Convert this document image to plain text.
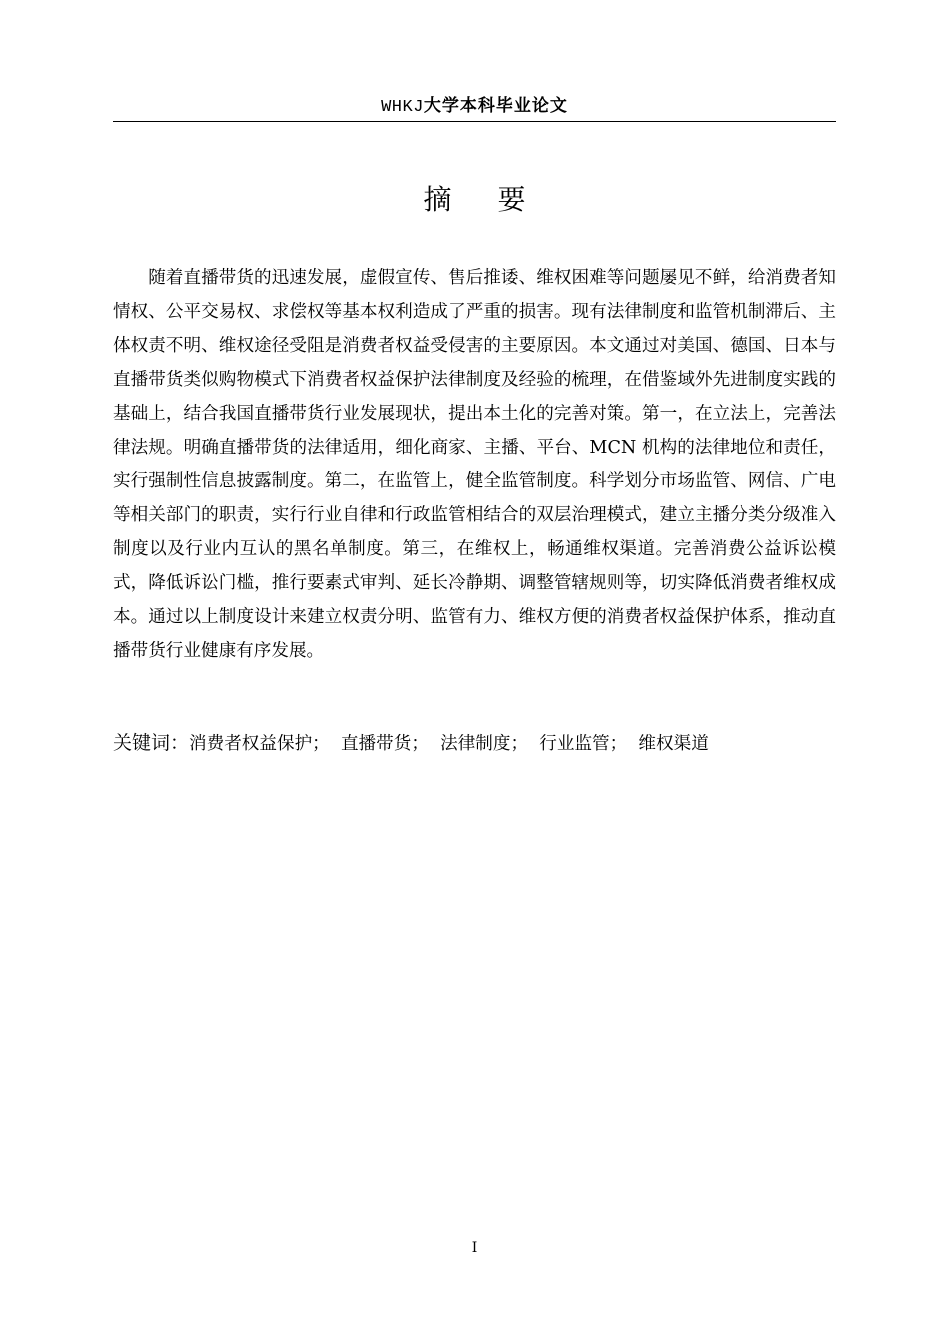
WHKJ大学本科毕业论文
摘要

随着直播带货的迅速发展，虚假宣传、售后推诿、维权困难等问题屡见不鲜，给消费者知情权、公平交易权、求偿权等基本权利造成了严重的损害。现有法律制度和监管机制滞后、主体权责不明、维权途径受阻是消费者权益受侵害的主要原因。本文通过对美国、德国、日本与直播带货类似购物模式下消费者权益保护法律制度及经验的梳理，在借鉴域外先进制度实践的基础上，结合我国直播带货行业发展现状，提出本土化的完善对策。第一，在立法上，完善法律法规。明确直播带货的法律适用，细化商家、主播、平台、MCN 机构的法律地位和责任，实行强制性信息披露制度。第二，在监管上，健全监管制度。科学划分市场监管、网信、广电等相关部门的职责，实行行业自律和行政监管相结合的双层治理模式，建立主播分类分级准入制度以及行业内互认的黑名单制度。第三，在维权上，畅通维权渠道。完善消费公益诉讼模式，降低诉讼门槛，推行要素式审判、延长冷静期、调整管辖规则等，切实降低消费者维权成本。通过以上制度设计来建立权责分明、监管有力、维权方便的消费者权益保护体系，推动直播带货行业健康有序发展。

关键词：消费者权益保护；  直播带货；  法律制度；  行业监管；  维权渠道
I
